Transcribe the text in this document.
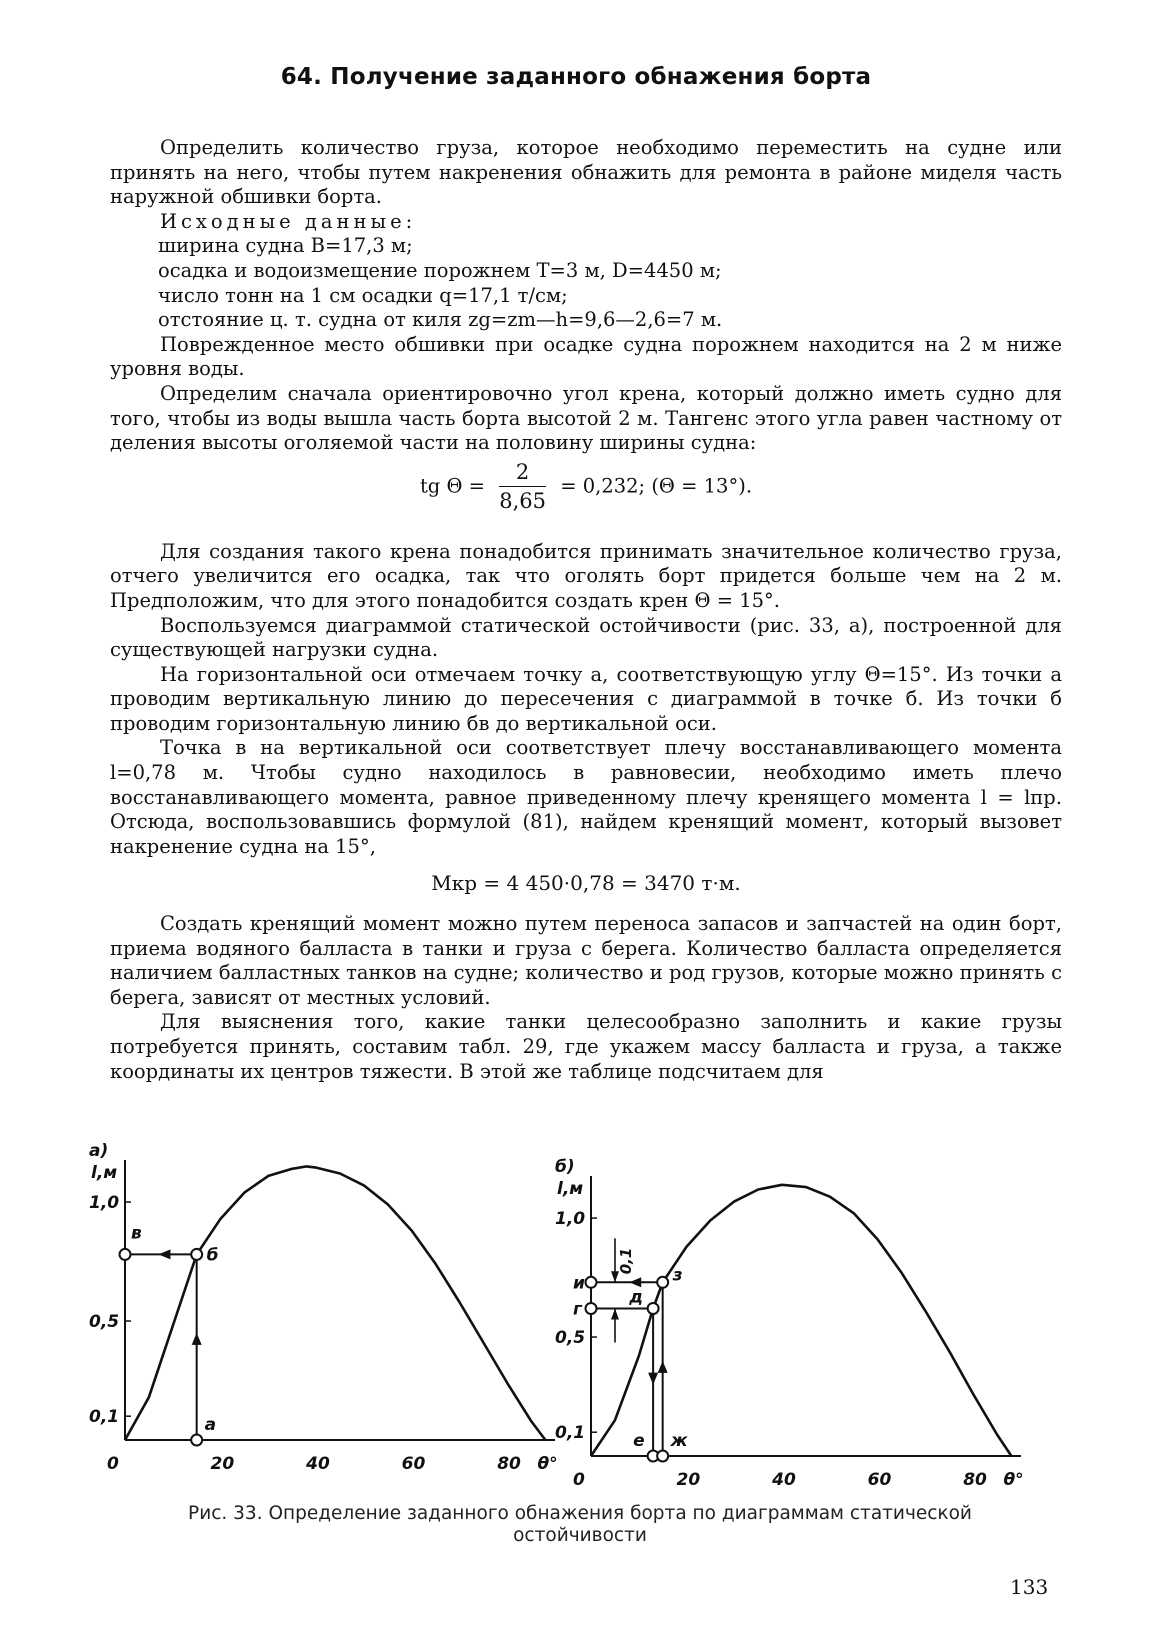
64. Получение заданного обнажения борта

Определить количество груза, которое необходимо переместить на судне или принять на него, чтобы путем накренения обнажить для ремонта в районе миделя часть наружной обшивки борта.

Исходные данные:

ширина судна B=17,3 м;

осадка и водоизмещение порожнем T=3 м, D=4450 м;

число тонн на 1 см осадки q=17,1 т/см;

отстояние ц. т. судна от киля zg=zm—h=9,6—2,6=7 м.

Поврежденное место обшивки при осадке судна порожнем находится на 2 м ниже уровня воды.

Определим сначала ориентировочно угол крена, который должно иметь судно для того, чтобы из воды вышла часть борта высотой 2 м. Тангенс этого угла равен частному от деления высоты оголяемой части на половину ширины судна:

tg $\Theta = \frac{2}{8,65} = 0,232$; (Θ = 13°).

Для создания такого крена понадобится принимать значительное количество груза, отчего увеличится его осадка, так что оголять борт придется больше чем на 2 м. Предположим, что для этого понадобится создать крен Θ = 15°.

Воспользуемся диаграммой статической остойчивости (рис. 33, а), построенной для существующей нагрузки судна.

На горизонтальной оси отмечаем точку а, соответствующую углу Θ=15°. Из точки а проводим вертикальную линию до пересечения с диаграммой в точке б. Из точки б проводим горизонтальную линию бв до вертикальной оси.

Точка в на вертикальной оси соответствует плечу восстанавливающего момента l=0,78 м. Чтобы судно находилось в равновесии, необходимо иметь плечо восстанавливающего момента, равное приведенному плечу кренящего момента l = lпр. Отсюда, воспользовавшись формулой (81), найдем кренящий момент, который вызовет накренение судна на 15°,

Mкр = 4 450·0,78 = 3470 т·м.

Создать кренящий момент можно путем переноса запасов и запчастей на один борт, приема водяного балласта в танки и груза с берега. Количество балласта определяется наличием балластных танков на судне; количество и род грузов, которые можно принять с берега, зависят от местных условий.

Для выяснения того, какие танки целесообразно заполнить и какие грузы потребуется принять, составим табл. 29, где укажем массу балласта и груза, а также координаты их центров тяжести. В этой же таблице подсчитаем для

0,1
0,5
1,0
l,м
а)
0	20	40	60	80 θ°
а
б
в
0,1
0,5
1,0
l,м
б)
0	20	40	60	80 θ°
0,1
г
д
е ж
з
и
Рис. 33. Определение заданного обнажения борта по диаграммам статической остойчивости
133
